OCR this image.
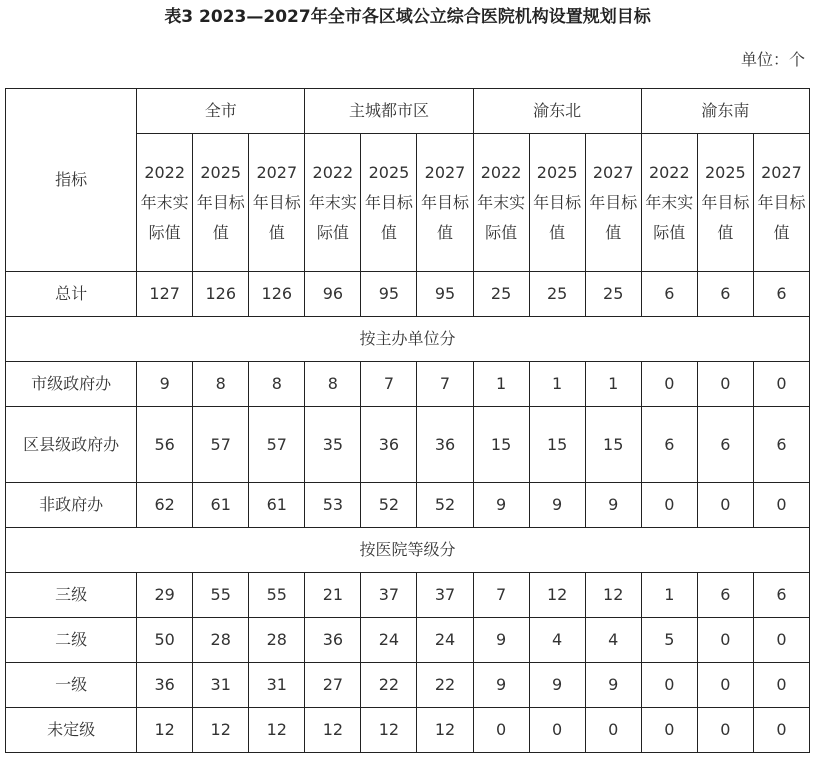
表3 2023—2027年全市各区域公立综合医院机构设置规划目标
单位：个
指标	全市			主城都市区			渝东北			渝东南		
	2022年末实际值	2025年目标值	2027年目标值	2022年末实际值	2025年目标值	2027年目标值	2022年末实际值	2025年目标值	2027年目标值	2022年末实际值	2025年目标值	2027年目标值
总计	127	126	126	96	95	95	25	25	25	6	6	6
按主办单位分												
市级政府办	9	8	8	8	7	7	1	1	1	0	0	0
区县级政府办	56	57	57	35	36	36	15	15	15	6	6	6
非政府办	62	61	61	53	52	52	9	9	9	0	0	0
按医院等级分												
三级	29	55	55	21	37	37	7	12	12	1	6	6
二级	50	28	28	36	24	24	9	4	4	5	0	0
一级	36	31	31	27	22	22	9	9	9	0	0	0
未定级	12	12	12	12	12	12	0	0	0	0	0	0
